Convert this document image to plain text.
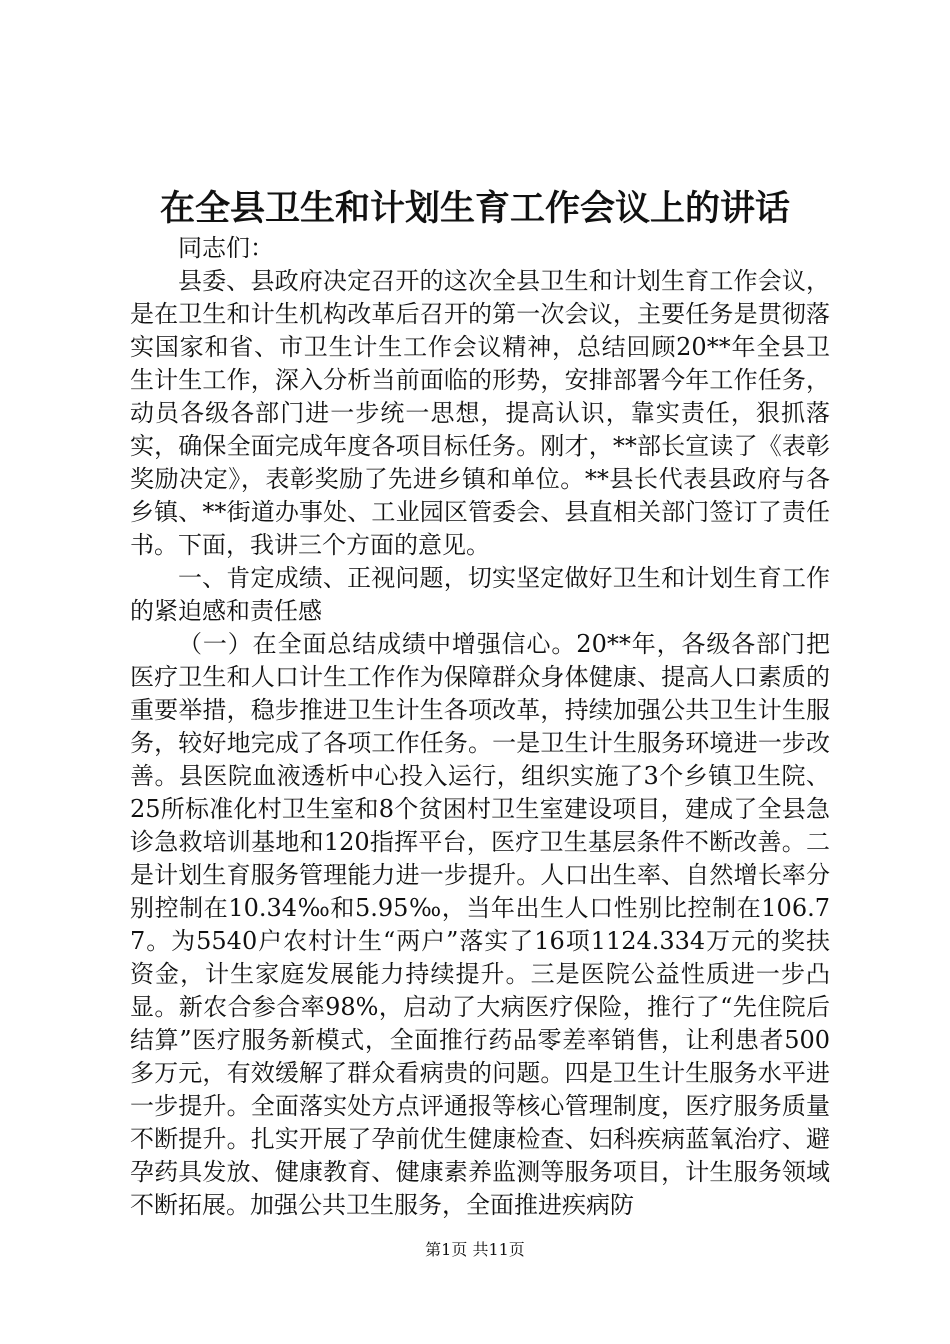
在全县卫生和计划生育工作会议上的讲话

同志们：

县委、县政府决定召开的这次全县卫生和计划生育工作会议，是在卫生和计生机构改革后召开的第一次会议，主要任务是贯彻落实国家和省、市卫生计生工作会议精神，总结回顾20**年全县卫生计生工作，深入分析当前面临的形势，安排部署今年工作任务，动员各级各部门进一步统一思想，提高认识，靠实责任，狠抓落实，确保全面完成年度各项目标任务。刚才，**部长宣读了《表彰奖励决定》，表彰奖励了先进乡镇和单位。**县长代表县政府与各乡镇、**街道办事处、工业园区管委会、县直相关部门签订了责任书。下面，我讲三个方面的意见。

一、肯定成绩、正视问题，切实坚定做好卫生和计划生育工作的紧迫感和责任感

（一）在全面总结成绩中增强信心。20**年，各级各部门把医疗卫生和人口计生工作作为保障群众身体健康、提高人口素质的重要举措，稳步推进卫生计生各项改革，持续加强公共卫生计生服务，较好地完成了各项工作任务。一是卫生计生服务环境进一步改善。县医院血液透析中心投入运行，组织实施了3个乡镇卫生院、25所标准化村卫生室和8个贫困村卫生室建设项目，建成了全县急诊急救培训基地和120指挥平台，医疗卫生基层条件不断改善。二是计划生育服务管理能力进一步提升。人口出生率、自然增长率分别控制在10.34‰和5.95‰，当年出生人口性别比控制在106.77。为5540户农村计生“两户”落实了16项1124.334万元的奖扶资金，计生家庭发展能力持续提升。三是医院公益性质进一步凸显。新农合参合率98%，启动了大病医疗保险，推行了“先住院后结算”医疗服务新模式，全面推行药品零差率销售，让利患者500多万元，有效缓解了群众看病贵的问题。四是卫生计生服务水平进一步提升。全面落实处方点评通报等核心管理制度，医疗服务质量不断提升。扎实开展了孕前优生健康检查、妇科疾病蓝氧治疗、避孕药具发放、健康教育、健康素养监测等服务项目，计生服务领域不断拓展。加强公共卫生服务，全面推进疾病防

第1页 共11页
